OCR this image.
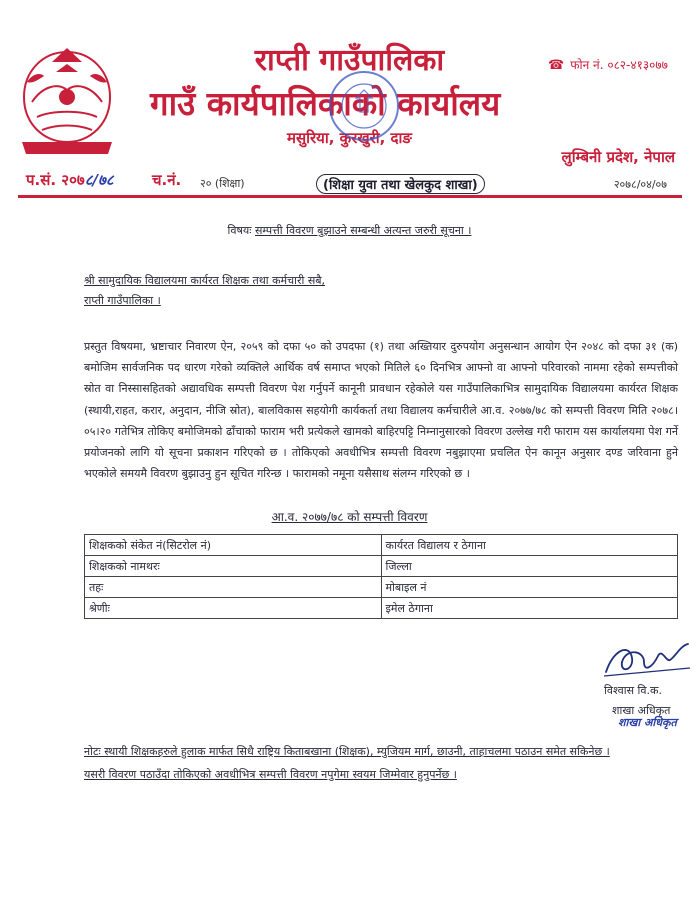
राप्ती गाउँपालिका
गाउँ कार्यपालिकाको कार्यालय
मसुरिया, कुरखुरी, दाङ
☎ फोन नं. ०८२-४१३०७७
लुम्बिनी प्रदेश, नेपाल
प.सं. २०७८/७८	च.नं. २० (शिक्षा)	(शिक्षा युवा तथा खेलकुद शाखा)	२०७८/०४/०७
विषयः सम्पत्ती विवरण बुझाउने सम्बन्धी अत्यन्त जरुरी सूचना ।
श्री सामुदायिक विद्यालयमा कार्यरत शिक्षक तथा कर्मचारी सबै,
राप्ती गाउँपालिका ।
प्रस्तुत विषयमा, भ्रष्टाचार निवारण ऐन, २०५९ को दफा ५० को उपदफा (१) तथा अख्तियार दुरुपयोग अनुसन्धान आयोग ऐन २०४८ को दफा ३१ (क) बमोजिम सार्वजनिक पद धारण गरेको व्यक्तिले आर्थिक वर्ष समाप्त भएको मितिले ६० दिनभित्र आफ्नो वा आफ्नो परिवारको नाममा रहेको सम्पत्तीको स्रोत वा निस्सासहितको अद्यावधिक सम्पत्ती विवरण पेश गर्नुपर्ने कानूनी प्रावधान रहेकोले यस गाउँपालिकाभित्र सामुदायिक विद्यालयमा कार्यरत शिक्षक (स्थायी,राहत, करार, अनुदान, नीजि स्रोत), बालविकास सहयोगी कार्यकर्ता तथा विद्यालय कर्मचारीले आ.व. २०७७/७८ को सम्पत्ती विवरण मिति २०७८।०५।२० गतेभित्र तोकिए बमोजिमको ढाँचाको फाराम भरी प्रत्येकले खामको बाहिरपट्टि निम्नानुसारको विवरण उल्लेख गरी फाराम यस कार्यालयमा पेश गर्ने प्रयोजनको लागि यो सूचना प्रकाशन गरिएको छ । तोकिएको अवधीभित्र सम्पत्ती विवरण नबुझाएमा प्रचलित ऐन कानून अनुसार दण्ड जरिवाना हुने भएकोले समयमै विवरण बुझाउनु हुन सूचित गरिन्छ । फारामको नमूना यसैसाथ संलग्न गरिएको छ ।
आ.व. २०७७/७८ को सम्पत्ती विवरण
शिक्षकको संकेत नं(सिटरोल नं)	कार्यरत विद्यालय र ठेगाना
शिक्षकको नामथरः	जिल्ला
तहः	मोबाइल नं
श्रेणीः	इमेल ठेगाना
विश्वास वि.क.
शाखा अधिकृत
शाखा अधिकृत
नोटः स्थायी शिक्षकहरुले हुलाक मार्फत सिधै राष्ट्रिय किताबखाना (शिक्षक), म्युजियम मार्ग, छाउनी, ताहाचलमा पठाउन समेत सकिनेछ ।
यसरी विवरण पठाउँदा तोकिएको अवधीभित्र सम्पत्ती विवरण नपुगेमा स्वयम जिम्मेवार हुनुपर्नेछ ।
